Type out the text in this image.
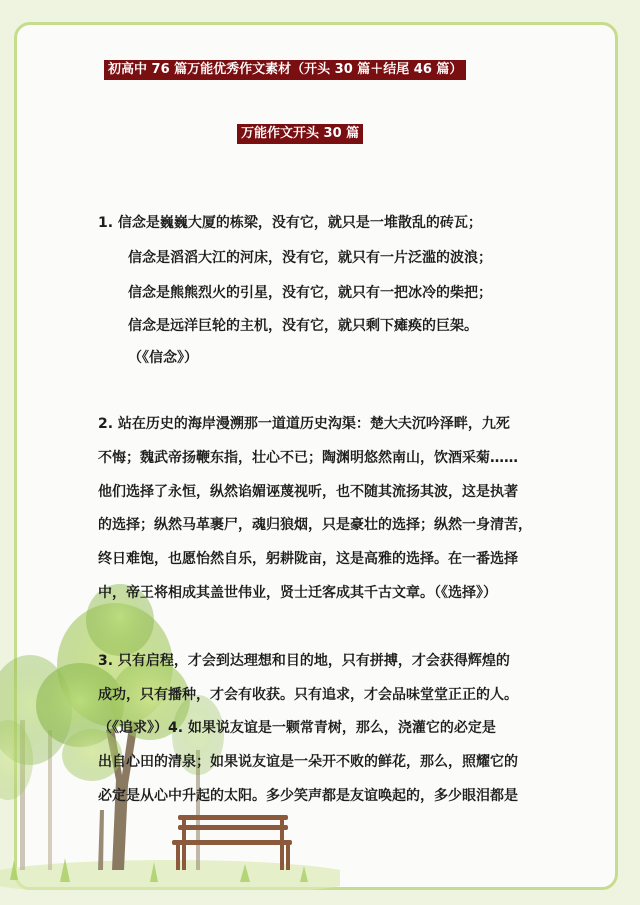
初高中 76 篇万能优秀作文素材（开头 30 篇＋结尾 46 篇）
万能作文开头 30 篇

1. 信念是巍巍大厦的栋梁，没有它，就只是一堆散乱的砖瓦；

信念是滔滔大江的河床，没有它，就只有一片泛滥的波浪；

信念是熊熊烈火的引星，没有它，就只有一把冰冷的柴把；

信念是远洋巨轮的主机，没有它，就只剩下瘫痪的巨架。

（《信念》）

2. 站在历史的海岸漫溯那一道道历史沟渠：楚大夫沉吟泽畔，九死

不悔；魏武帝扬鞭东指，壮心不已；陶渊明悠然南山，饮酒采菊……

他们选择了永恒，纵然谄媚诬蔑视听，也不随其流扬其波，这是执著

的选择；纵然马革裹尸，魂归狼烟，只是豪壮的选择；纵然一身清苦，

终日难饱，也愿怡然自乐，躬耕陇亩，这是高雅的选择。在一番选择

中，帝王将相成其盖世伟业，贤士迁客成其千古文章。（《选择》）

3. 只有启程，才会到达理想和目的地，只有拼搏，才会获得辉煌的

成功，只有播种，才会有收获。只有追求，才会品味堂堂正正的人。

（《追求》）4. 如果说友谊是一颗常青树，那么，浇灌它的必定是

出自心田的清泉；如果说友谊是一朵开不败的鲜花，那么，照耀它的

必定是从心中升起的太阳。多少笑声都是友谊唤起的，多少眼泪都是
